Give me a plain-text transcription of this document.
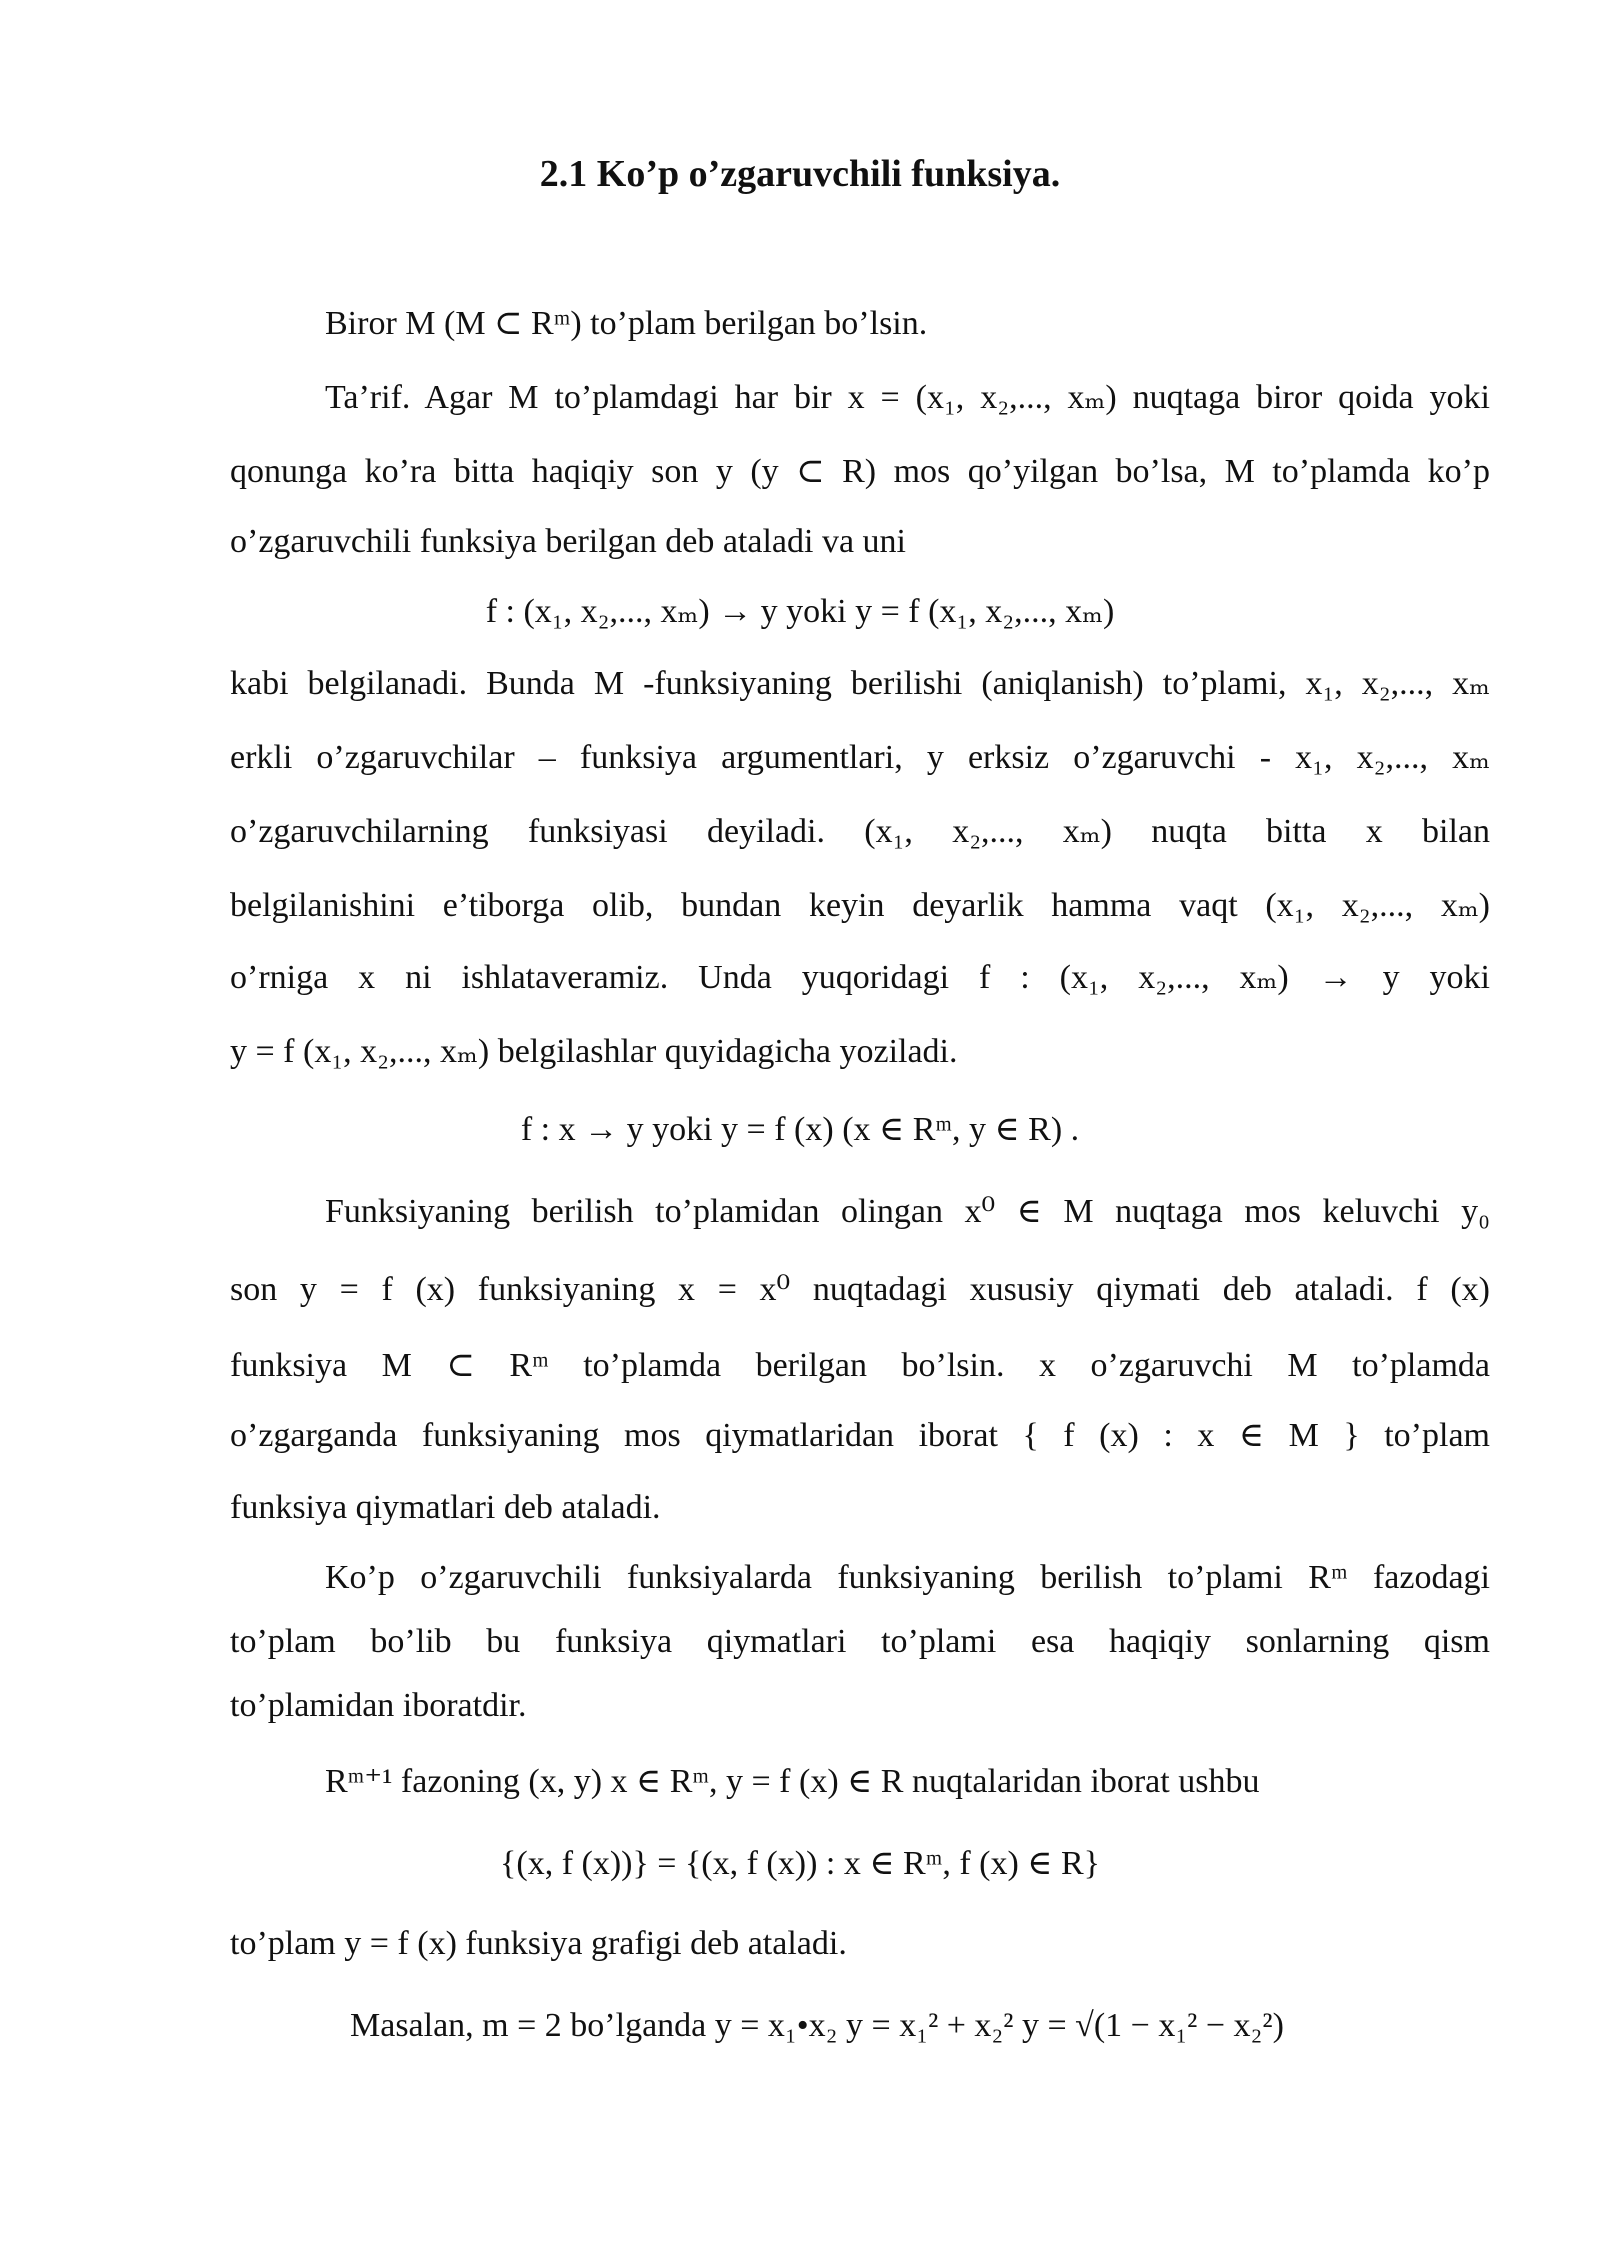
2.1 Ko’p o’zgaruvchili funksiya.
Biror M (M ⊂ Rᵐ) to’plam berilgan bo’lsin.
Ta’rif. Agar M to’plamdagi har bir x = (x₁, x₂,..., xₘ) nuqtaga biror qoida yoki
qonunga ko’ra bitta haqiqiy son y (y ⊂ R) mos qo’yilgan bo’lsa, M to’plamda ko’p
o’zgaruvchili funksiya berilgan deb ataladi va uni
f : (x₁, x₂,..., xₘ) → y yoki y = f (x₁, x₂,..., xₘ)
kabi belgilanadi. Bunda M -funksiyaning berilishi (aniqlanish) to’plami, x₁, x₂,..., xₘ
erkli o’zgaruvchilar – funksiya argumentlari, y erksiz o’zgaruvchi - x₁, x₂,..., xₘ
o’zgaruvchilarning funksiyasi deyiladi. (x₁, x₂,..., xₘ) nuqta bitta x bilan
belgilanishini e’tiborga olib, bundan keyin deyarlik hamma vaqt (x₁, x₂,..., xₘ)
o’rniga x ni ishlataveramiz. Unda yuqoridagi f : (x₁, x₂,..., xₘ) → y yoki
y = f (x₁, x₂,..., xₘ) belgilashlar quyidagicha yoziladi.
f : x → y yoki y = f (x) (x ∈ Rᵐ, y ∈ R) .
Funksiyaning berilish to’plamidan olingan x⁰ ∈ M nuqtaga mos keluvchi y₀
son y = f (x) funksiyaning x = x⁰ nuqtadagi xususiy qiymati deb ataladi. f (x)
funksiya M ⊂ Rᵐ to’plamda berilgan bo’lsin. x o’zgaruvchi M to’plamda
o’zgarganda funksiyaning mos qiymatlaridan iborat { f (x) : x ∈ M } to’plam
funksiya qiymatlari deb ataladi.
Ko’p o’zgaruvchili funksiyalarda funksiyaning berilish to’plami Rᵐ fazodagi
to’plam bo’lib bu funksiya qiymatlari to’plami esa haqiqiy sonlarning qism
to’plamidan iboratdir.
Rᵐ⁺¹ fazoning (x, y) x ∈ Rᵐ, y = f (x) ∈ R nuqtalaridan iborat ushbu
{(x, f (x))} = {(x, f (x)) : x ∈ Rᵐ, f (x) ∈ R}
to’plam y = f (x) funksiya grafigi deb ataladi.
Masalan, m = 2 bo’lganda y = x₁•x₂ y = x₁² + x₂² y = √(1 − x₁² − x₂²)
